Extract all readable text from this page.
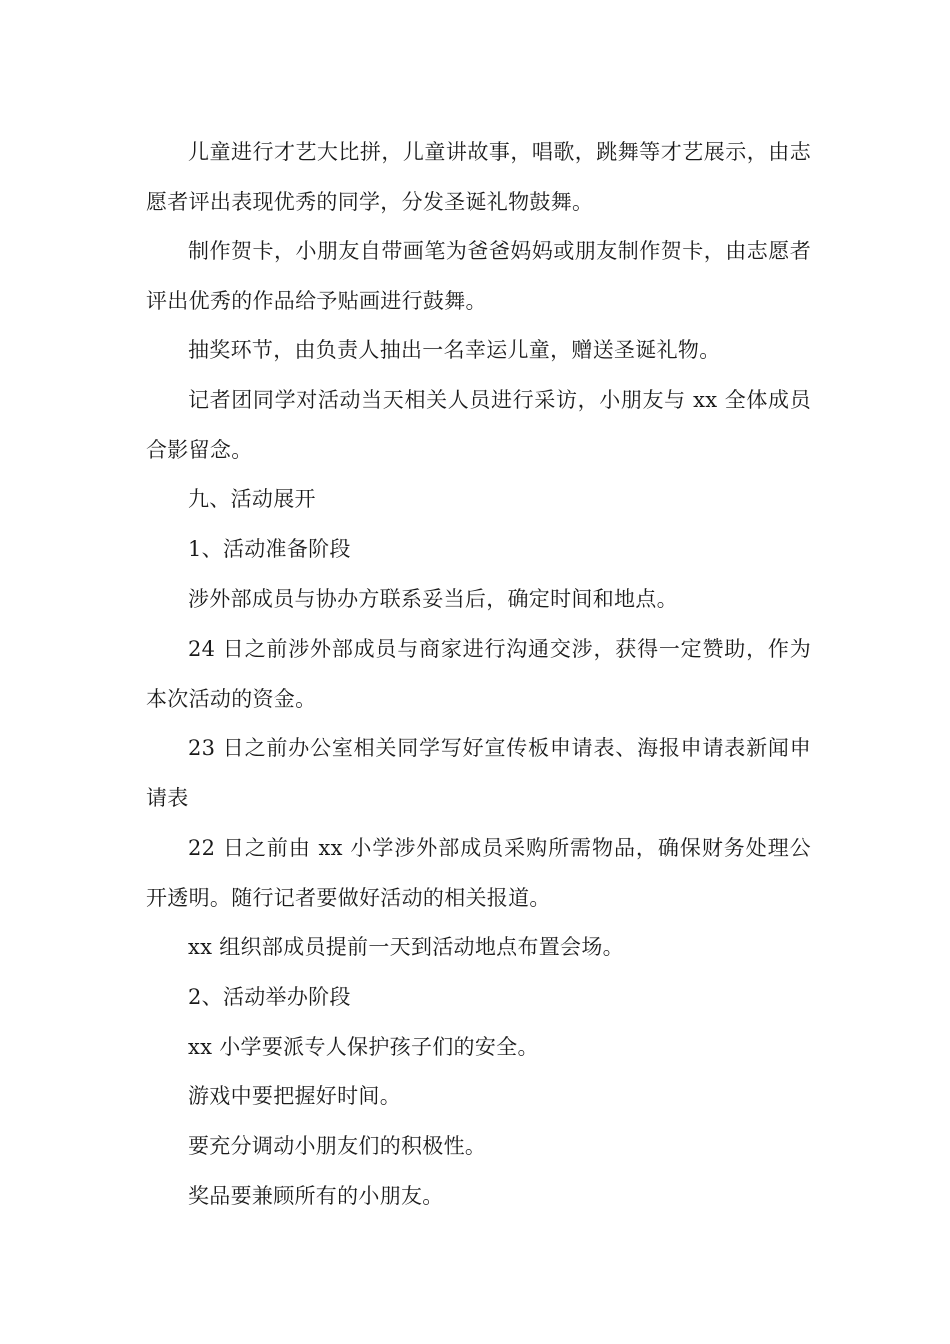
儿童进行才艺大比拼，儿童讲故事，唱歌，跳舞等才艺展示，由志愿者评出表现优秀的同学，分发圣诞礼物鼓舞。

制作贺卡，小朋友自带画笔为爸爸妈妈或朋友制作贺卡，由志愿者评出优秀的作品给予贴画进行鼓舞。

抽奖环节，由负责人抽出一名幸运儿童，赠送圣诞礼物。

记者团同学对活动当天相关人员进行采访，小朋友与 xx 全体成员合影留念。

九、活动展开

1、活动准备阶段

涉外部成员与协办方联系妥当后，确定时间和地点。

24 日之前涉外部成员与商家进行沟通交涉，获得一定赞助，作为本次活动的资金。

23 日之前办公室相关同学写好宣传板申请表、海报申请表新闻申请表

22 日之前由 xx 小学涉外部成员采购所需物品，确保财务处理公开透明。随行记者要做好活动的相关报道。

xx 组织部成员提前一天到活动地点布置会场。

2、活动举办阶段

xx 小学要派专人保护孩子们的安全。

游戏中要把握好时间。

要充分调动小朋友们的积极性。

奖品要兼顾所有的小朋友。
